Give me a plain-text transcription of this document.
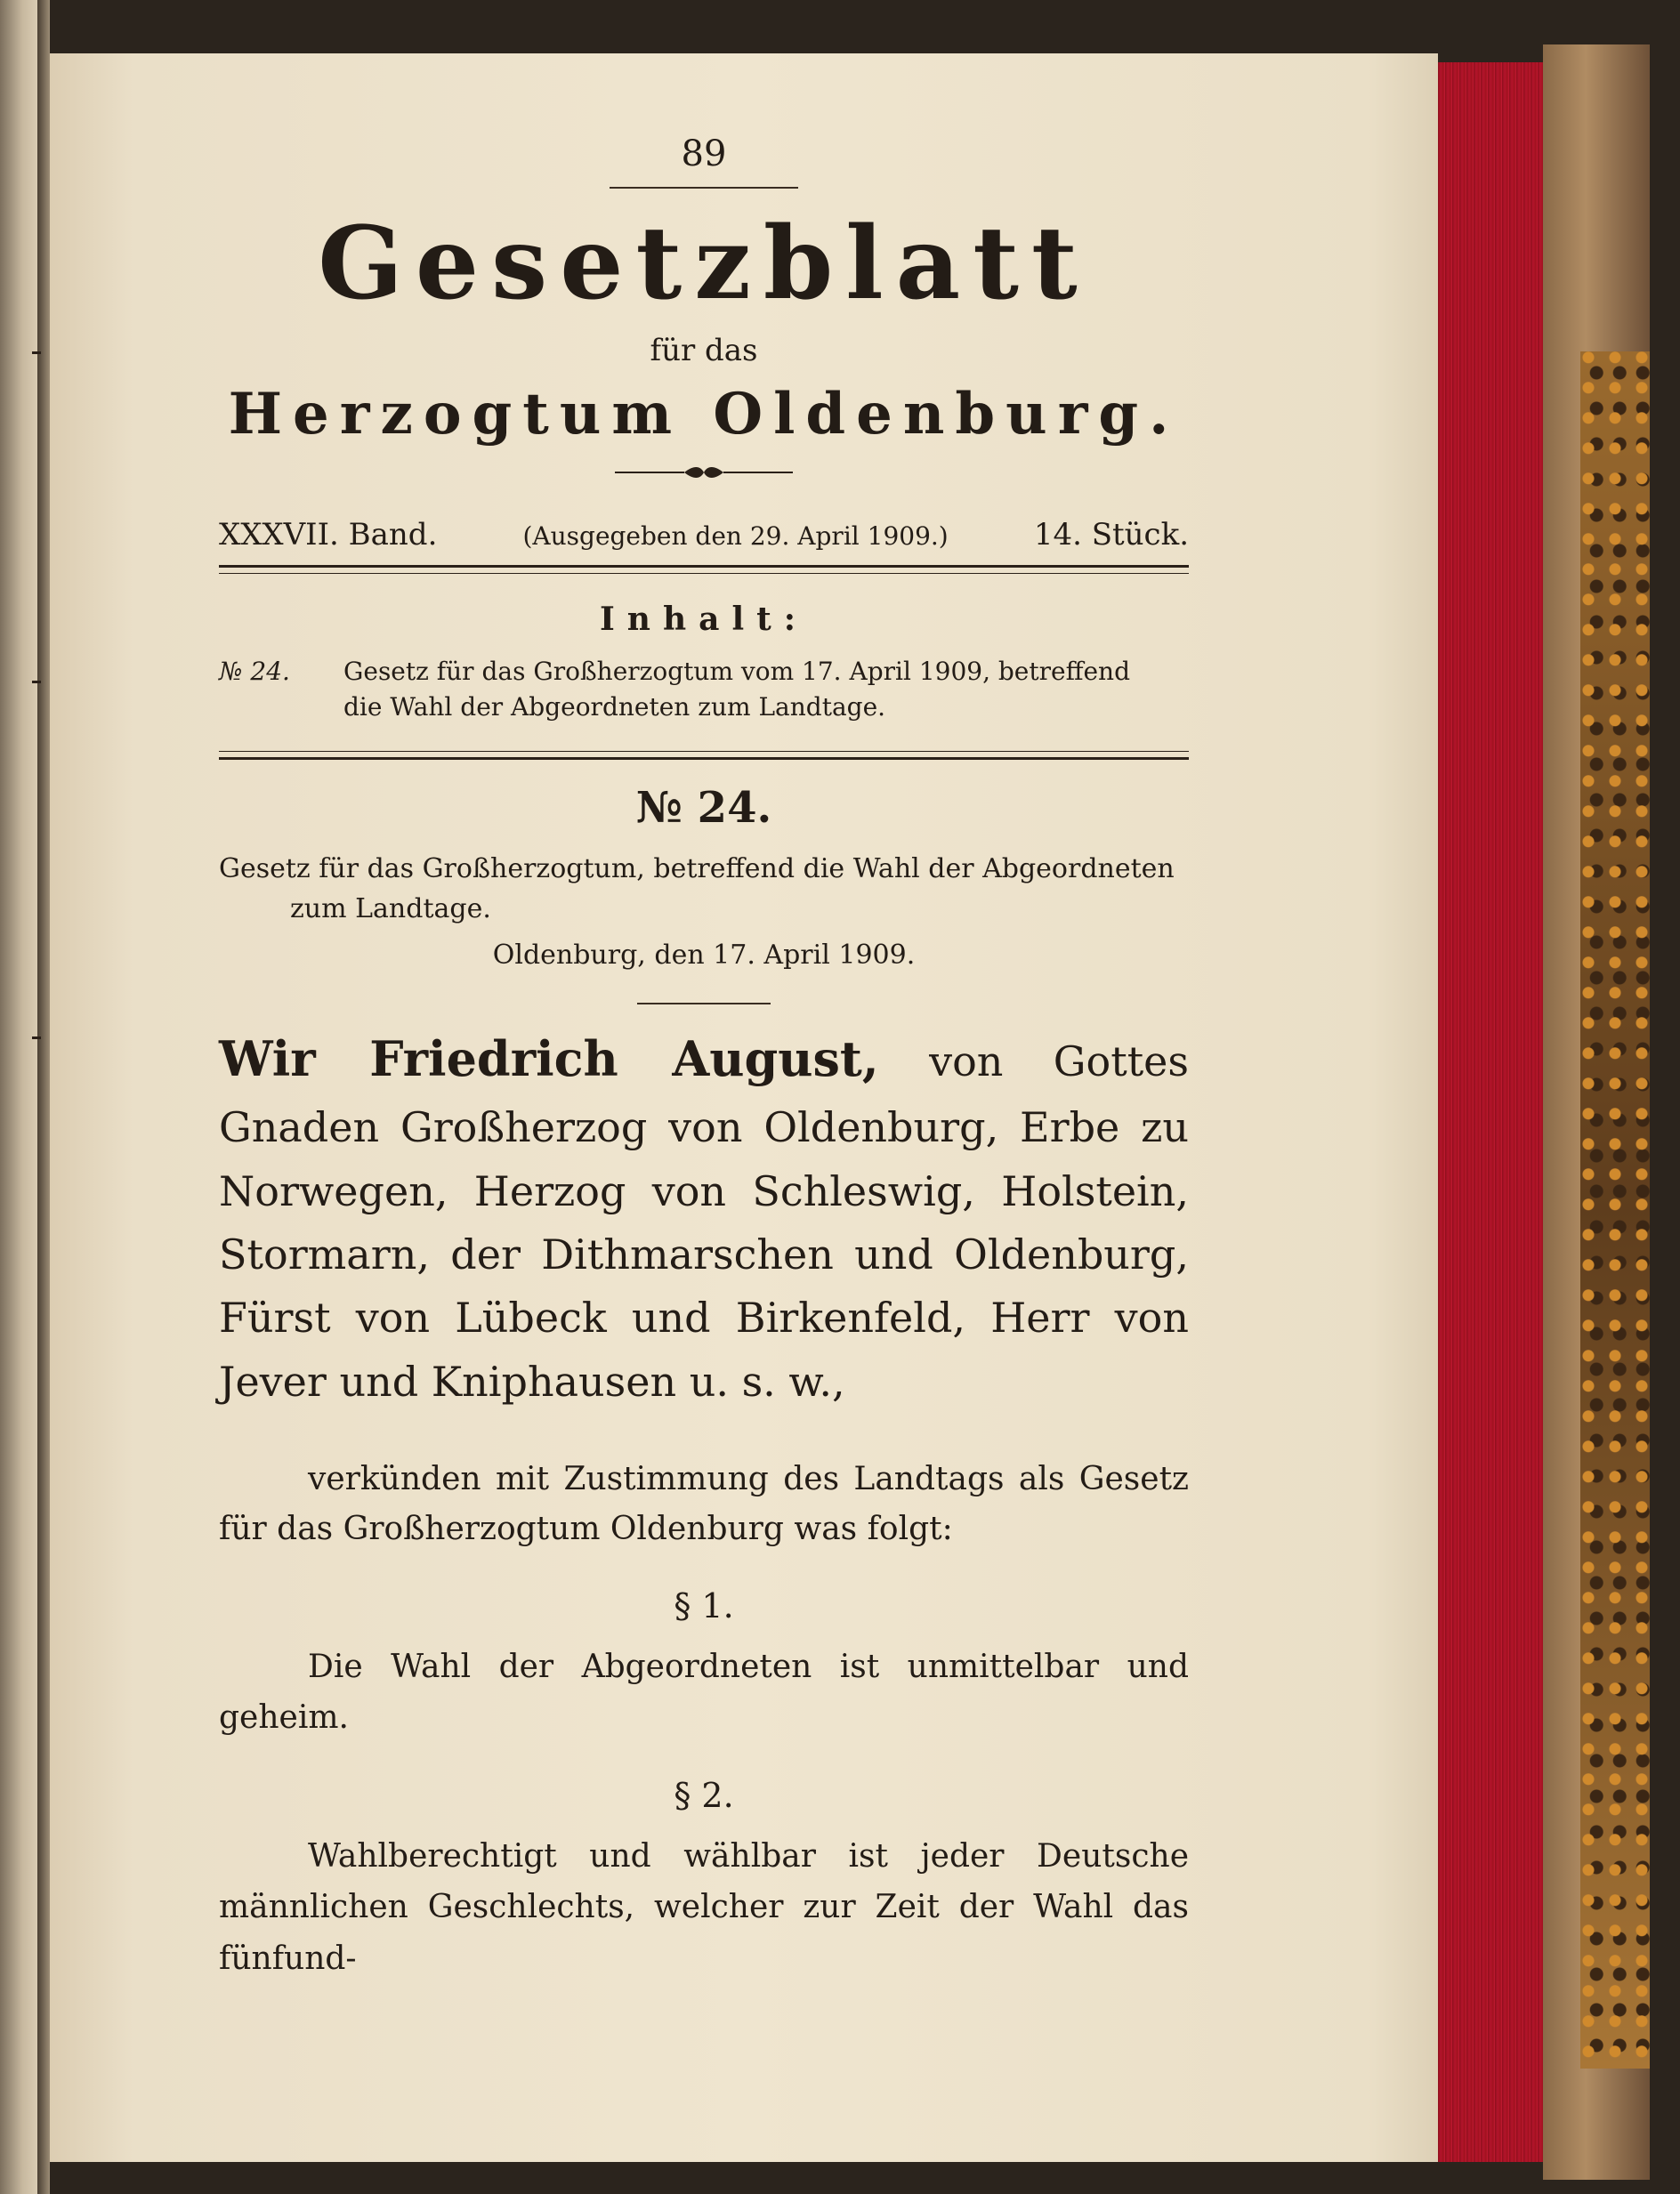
89

Gesetzblatt

für das

Herzogtum Oldenburg.
XXXVII. Band.	(Ausgegeben den 29. April 1909.)	14. Stück.

Inhalt:

№ 24.	Gesetz für das Großherzogtum vom 17. April 1909, betreffend
die Wahl der Abgeordneten zum Landtage.

№ 24.

Gesetz für das Großherzogtum, betreffend die Wahl der Abgeordneten
zum Landtage.

Oldenburg, den 17. April 1909.

Wir Friedrich August, von Gottes Gnaden Großherzog von Oldenburg, Erbe zu Norwegen, Herzog von Schleswig, Holstein, Stormarn, der Dithmarschen und Oldenburg, Fürst von Lübeck und Birkenfeld, Herr von Jever und Kniphausen u. s. w.,

verkünden mit Zustimmung des Landtags als Gesetz für das Großherzogtum Oldenburg was folgt:

§ 1.

Die Wahl der Abgeordneten ist unmittelbar und geheim.

§ 2.

Wahlberechtigt und wählbar ist jeder Deutsche männlichen Geschlechts, welcher zur Zeit der Wahl das fünfund-
